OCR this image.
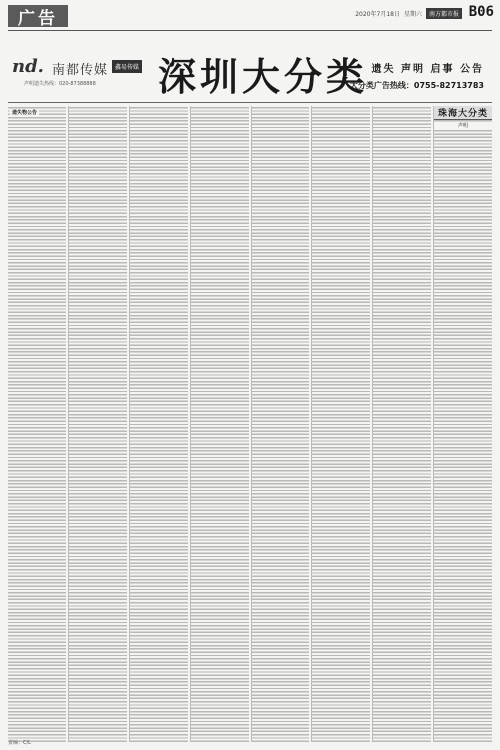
广告	2020年7月18日 星期六	南方都市报 B06
nd. 南都传媒	鑫易传媒
声明遗失热线：020-87388888 深圳大分类 遗失 声明 启事 公告
大分类广告热线：0755-82713783
遗失物公告	珠海大分类
声明
责编：C/L
